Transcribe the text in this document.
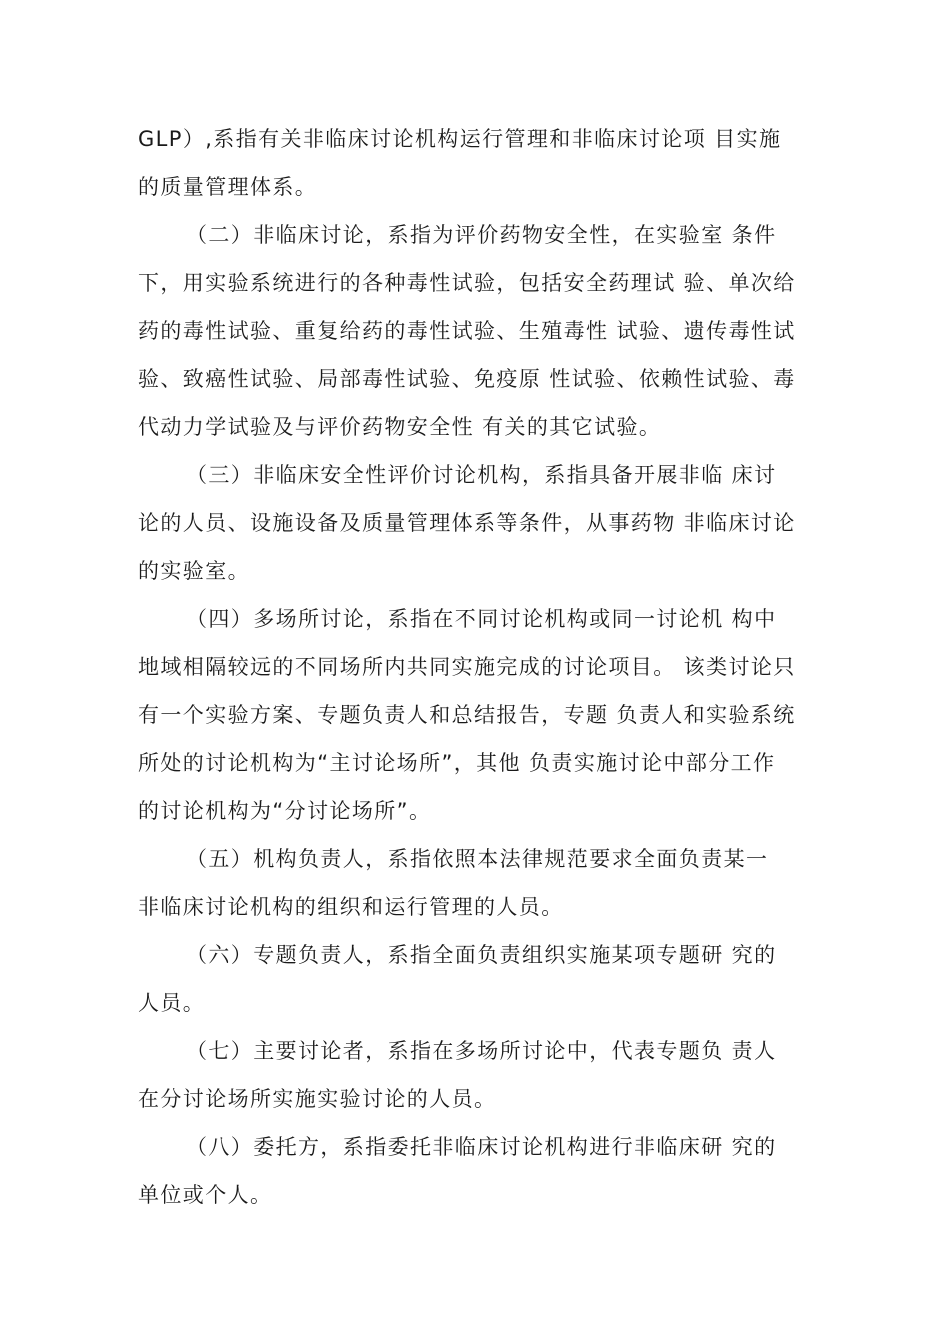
GLP）,系指有关非临床讨论机构运行管理和非临床讨论项 目实施
的质量管理体系。
（二）非临床讨论，系指为评价药物安全性，在实验室 条件
下，用实验系统进行的各种毒性试验，包括安全药理试 验、单次给
药的毒性试验、重复给药的毒性试验、生殖毒性 试验、遗传毒性试
验、致癌性试验、局部毒性试验、免疫原 性试验、依赖性试验、毒
代动力学试验及与评价药物安全性 有关的其它试验。
（三）非临床安全性评价讨论机构，系指具备开展非临 床讨
论的人员、设施设备及质量管理体系等条件，从事药物 非临床讨论
的实验室。
（四）多场所讨论，系指在不同讨论机构或同一讨论机 构中
地域相隔较远的不同场所内共同实施完成的讨论项目。 该类讨论只
有一个实验方案、专题负责人和总结报告，专题 负责人和实验系统
所处的讨论机构为“主讨论场所”，其他 负责实施讨论中部分工作
的讨论机构为“分讨论场所”。
（五）机构负责人，系指依照本法律规范要求全面负责某一
非临床讨论机构的组织和运行管理的人员。
（六）专题负责人，系指全面负责组织实施某项专题研 究的
人员。
（七）主要讨论者，系指在多场所讨论中，代表专题负 责人
在分讨论场所实施实验讨论的人员。
（八）委托方，系指委托非临床讨论机构进行非临床研 究的
单位或个人。
